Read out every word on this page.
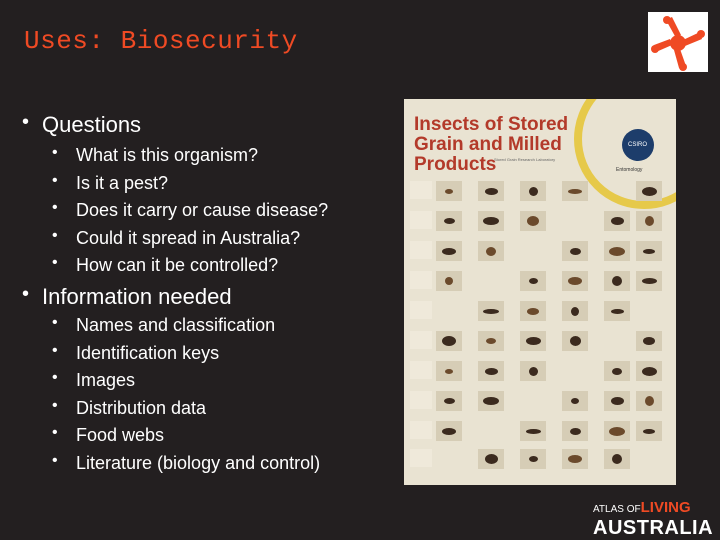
Uses: Biosecurity
• Questions
• What is this organism?
• Is it a pest?
• Does it carry or cause disease?
• Could it spread in Australia?
• How can it be controlled?
• Information needed
• Names and classification
• Identification keys
• Images
• Distribution data
• Food webs
• Literature (biology and control)
Insects of Stored Grain and Milled Products
Stored Grain Research Laboratory
CSIRO
Entomology
ATLAS OFLIVING
AUSTRALIA
